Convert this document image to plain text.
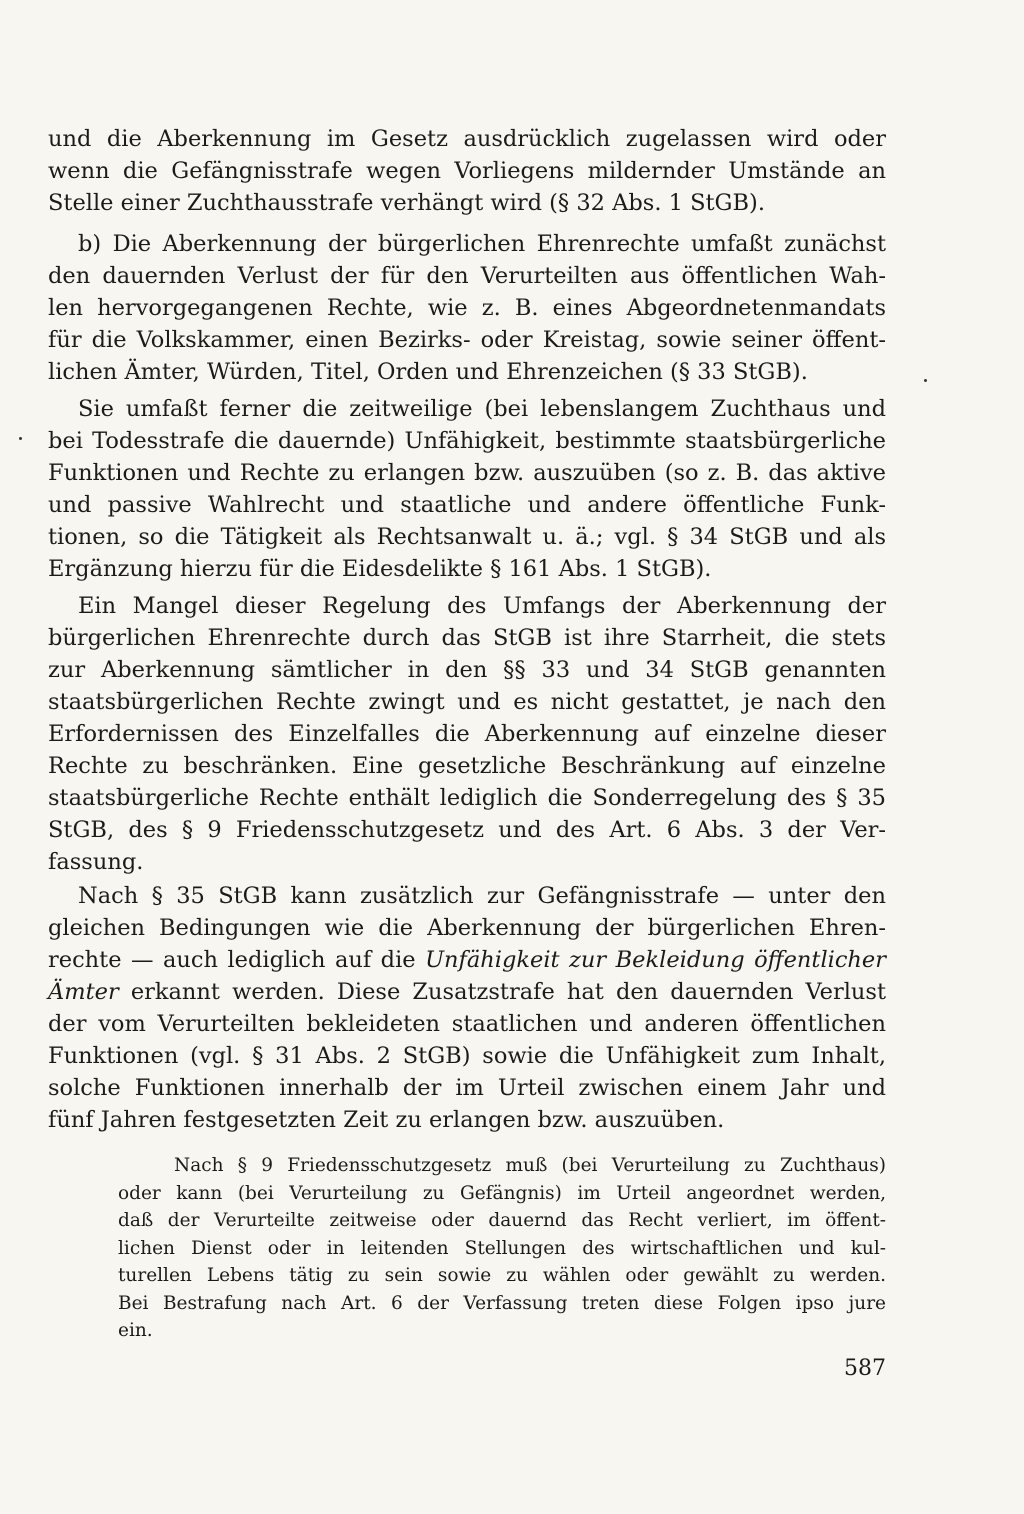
und die Aberkennung im Gesetz ausdrücklich zugelassen wird oder
wenn die Gefängnisstrafe wegen Vorliegens mildernder Umstände an
Stelle einer Zuchthausstrafe verhängt wird (§ 32 Abs. 1 StGB).
b) Die Aberkennung der bürgerlichen Ehrenrechte umfaßt zunächst
den dauernden Verlust der für den Verurteilten aus öffentlichen Wah-
len hervorgegangenen Rechte, wie z. B. eines Abgeordnetenmandats
für die Volkskammer, einen Bezirks- oder Kreistag, sowie seiner öffent-
lichen Ämter, Würden, Titel, Orden und Ehrenzeichen (§ 33 StGB).
Sie umfaßt ferner die zeitweilige (bei lebenslangem Zuchthaus und
bei Todesstrafe die dauernde) Unfähigkeit, bestimmte staatsbürgerliche
Funktionen und Rechte zu erlangen bzw. auszuüben (so z. B. das aktive
und passive Wahlrecht und staatliche und andere öffentliche Funk-
tionen, so die Tätigkeit als Rechtsanwalt u. ä.; vgl. § 34 StGB und als
Ergänzung hierzu für die Eidesdelikte § 161 Abs. 1 StGB).
Ein Mangel dieser Regelung des Umfangs der Aberkennung der
bürgerlichen Ehrenrechte durch das StGB ist ihre Starrheit, die stets
zur Aberkennung sämtlicher in den §§ 33 und 34 StGB genannten
staatsbürgerlichen Rechte zwingt und es nicht gestattet, je nach den
Erfordernissen des Einzelfalles die Aberkennung auf einzelne dieser
Rechte zu beschränken. Eine gesetzliche Beschränkung auf einzelne
staatsbürgerliche Rechte enthält lediglich die Sonderregelung des § 35
StGB, des § 9 Friedensschutzgesetz und des Art. 6 Abs. 3 der Ver-
fassung.
Nach § 35 StGB kann zusätzlich zur Gefängnisstrafe — unter den
gleichen Bedingungen wie die Aberkennung der bürgerlichen Ehren-
rechte — auch lediglich auf die Unfähigkeit zur Bekleidung öffentlicher
Ämter erkannt werden. Diese Zusatzstrafe hat den dauernden Verlust
der vom Verurteilten bekleideten staatlichen und anderen öffentlichen
Funktionen (vgl. § 31 Abs. 2 StGB) sowie die Unfähigkeit zum Inhalt,
solche Funktionen innerhalb der im Urteil zwischen einem Jahr und
fünf Jahren festgesetzten Zeit zu erlangen bzw. auszuüben.
Nach § 9 Friedensschutzgesetz muß (bei Verurteilung zu Zuchthaus)
oder kann (bei Verurteilung zu Gefängnis) im Urteil angeordnet werden,
daß der Verurteilte zeitweise oder dauernd das Recht verliert, im öffent-
lichen Dienst oder in leitenden Stellungen des wirtschaftlichen und kul-
turellen Lebens tätig zu sein sowie zu wählen oder gewählt zu werden.
Bei Bestrafung nach Art. 6 der Verfassung treten diese Folgen ipso jure
ein.
587
